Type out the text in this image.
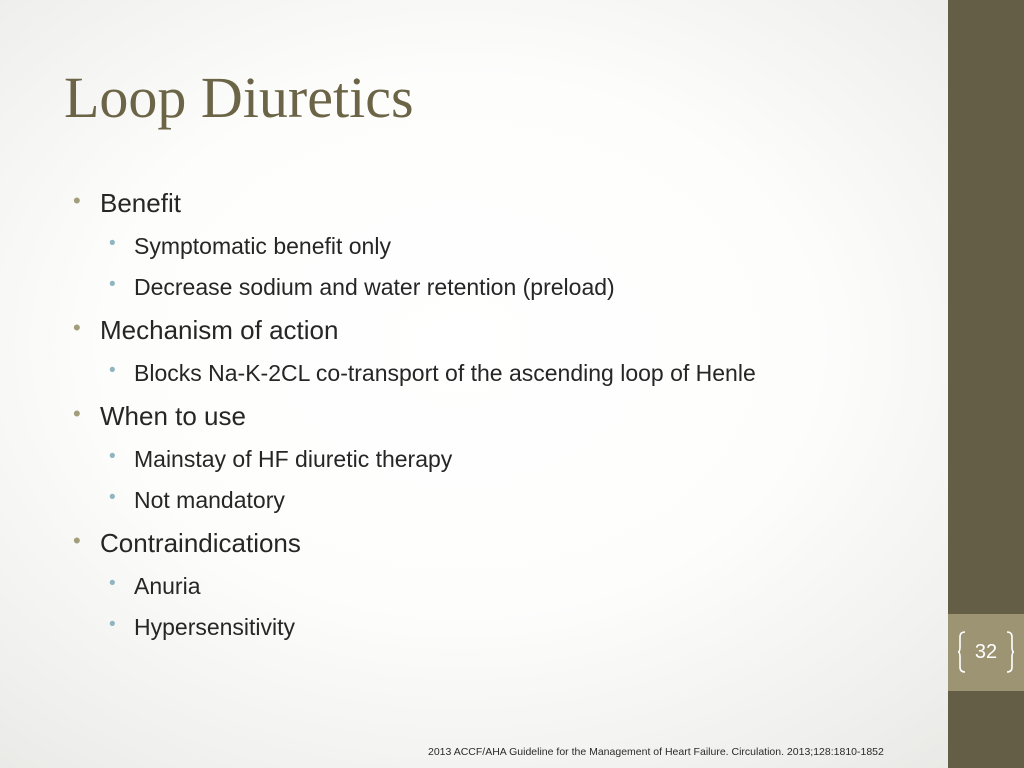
Loop Diuretics
• Benefit
• Symptomatic benefit only
• Decrease sodium and water retention (preload)
• Mechanism of action
• Blocks Na-K-2CL co-transport of the ascending loop of Henle
• When to use
• Mainstay of HF diuretic therapy
• Not mandatory
• Contraindications
• Anuria
• Hypersensitivity
2013 ACCF/AHA Guideline for the Management of Heart Failure. Circulation. 2013;128:1810-1852
32
